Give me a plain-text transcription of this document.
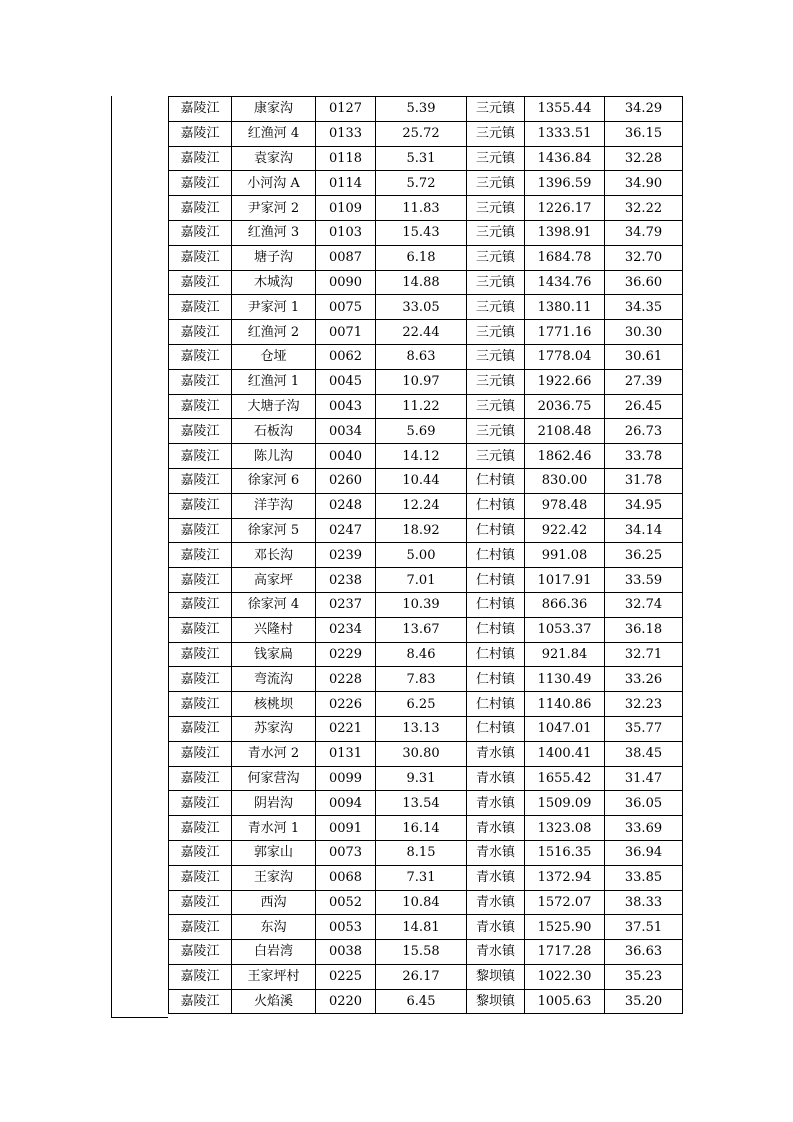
嘉陵江	康家沟	0127	5.39	三元镇	1355.44	34.29
嘉陵江	红渔河 4	0133	25.72	三元镇	1333.51	36.15
嘉陵江	袁家沟	0118	5.31	三元镇	1436.84	32.28
嘉陵江	小河沟 A	0114	5.72	三元镇	1396.59	34.90
嘉陵江	尹家河 2	0109	11.83	三元镇	1226.17	32.22
嘉陵江	红渔河 3	0103	15.43	三元镇	1398.91	34.79
嘉陵江	塘子沟	0087	6.18	三元镇	1684.78	32.70
嘉陵江	木城沟	0090	14.88	三元镇	1434.76	36.60
嘉陵江	尹家河 1	0075	33.05	三元镇	1380.11	34.35
嘉陵江	红渔河 2	0071	22.44	三元镇	1771.16	30.30
嘉陵江	仓垭	0062	8.63	三元镇	1778.04	30.61
嘉陵江	红渔河 1	0045	10.97	三元镇	1922.66	27.39
嘉陵江	大塘子沟	0043	11.22	三元镇	2036.75	26.45
嘉陵江	石板沟	0034	5.69	三元镇	2108.48	26.73
嘉陵江	陈儿沟	0040	14.12	三元镇	1862.46	33.78
嘉陵江	徐家河 6	0260	10.44	仁村镇	830.00	31.78
嘉陵江	洋芋沟	0248	12.24	仁村镇	978.48	34.95
嘉陵江	徐家河 5	0247	18.92	仁村镇	922.42	34.14
嘉陵江	邓长沟	0239	5.00	仁村镇	991.08	36.25
嘉陵江	高家坪	0238	7.01	仁村镇	1017.91	33.59
嘉陵江	徐家河 4	0237	10.39	仁村镇	866.36	32.74
嘉陵江	兴隆村	0234	13.67	仁村镇	1053.37	36.18
嘉陵江	钱家扁	0229	8.46	仁村镇	921.84	32.71
嘉陵江	弯流沟	0228	7.83	仁村镇	1130.49	33.26
嘉陵江	核桃坝	0226	6.25	仁村镇	1140.86	32.23
嘉陵江	苏家沟	0221	13.13	仁村镇	1047.01	35.77
嘉陵江	青水河 2	0131	30.80	青水镇	1400.41	38.45
嘉陵江	何家营沟	0099	9.31	青水镇	1655.42	31.47
嘉陵江	阴岩沟	0094	13.54	青水镇	1509.09	36.05
嘉陵江	青水河 1	0091	16.14	青水镇	1323.08	33.69
嘉陵江	郭家山	0073	8.15	青水镇	1516.35	36.94
嘉陵江	王家沟	0068	7.31	青水镇	1372.94	33.85
嘉陵江	西沟	0052	10.84	青水镇	1572.07	38.33
嘉陵江	东沟	0053	14.81	青水镇	1525.90	37.51
嘉陵江	白岩湾	0038	15.58	青水镇	1717.28	36.63
嘉陵江	王家坪村	0225	26.17	黎坝镇	1022.30	35.23
嘉陵江	火焰溪	0220	6.45	黎坝镇	1005.63	35.20
